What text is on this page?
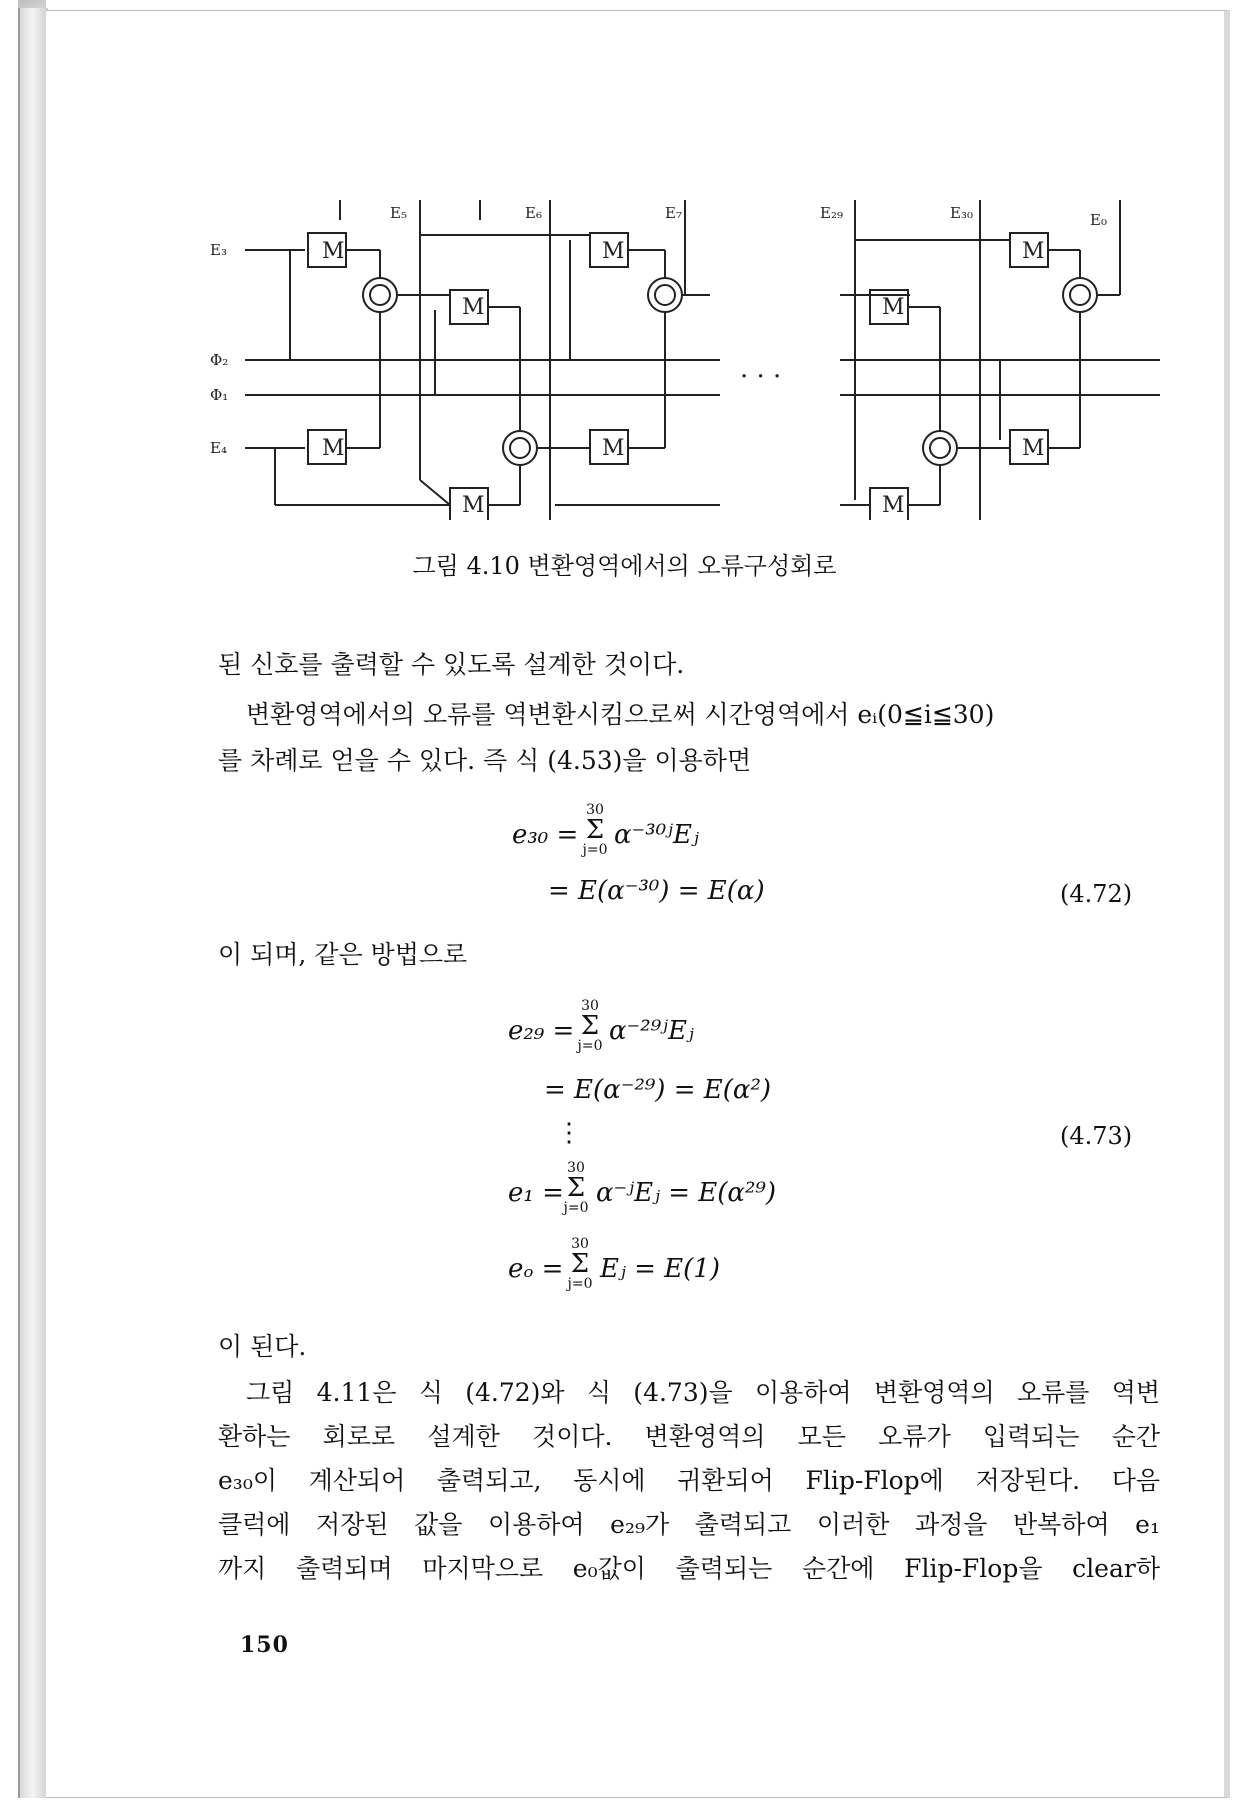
M
M
M
M
M
M
M
M
M
M
E₅	E₆	E₇	E₂₉	E₃₀	E₀
E₃
E₄
Φ₂
Φ₁
· · ·
그림 4.10 변환영역에서의 오류구성회로
된 신호를 출력할 수 있도록 설계한 것이다.
변환영역에서의 오류를 역변환시킴으로써 시간영역에서 eᵢ(0≦i≦30)
를 차례로 얻을 수 있다. 즉 식 (4.53)을 이용하면
e₃₀ =
30
Σ
j=0 α⁻³⁰ʲEⱼ
= E(α⁻³⁰) = E(α)	(4.72)
이 되며, 같은 방법으로
e₂₉ =
30
Σ
j=0 α⁻²⁹ʲEⱼ
= E(α⁻²⁹) = E(α²)
⋮	(4.73)
e₁ =
30
Σ
j=0 α⁻ʲEⱼ = E(α²⁹)
eₒ =
30
Σ
j=0 Eⱼ = E(1)
이 된다.
그림 4.11은 식 (4.72)와 식 (4.73)을 이용하여 변환영역의 오류를 역변
환하는 회로로 설계한 것이다. 변환영역의 모든 오류가 입력되는 순간
e₃₀이 계산되어 출력되고, 동시에 귀환되어 Flip-Flop에 저장된다. 다음
클럭에 저장된 값을 이용하여 e₂₉가 출력되고 이러한 과정을 반복하여 e₁
까지 출력되며 마지막으로 e₀값이 출력되는 순간에 Flip-Flop을 clear하
150
